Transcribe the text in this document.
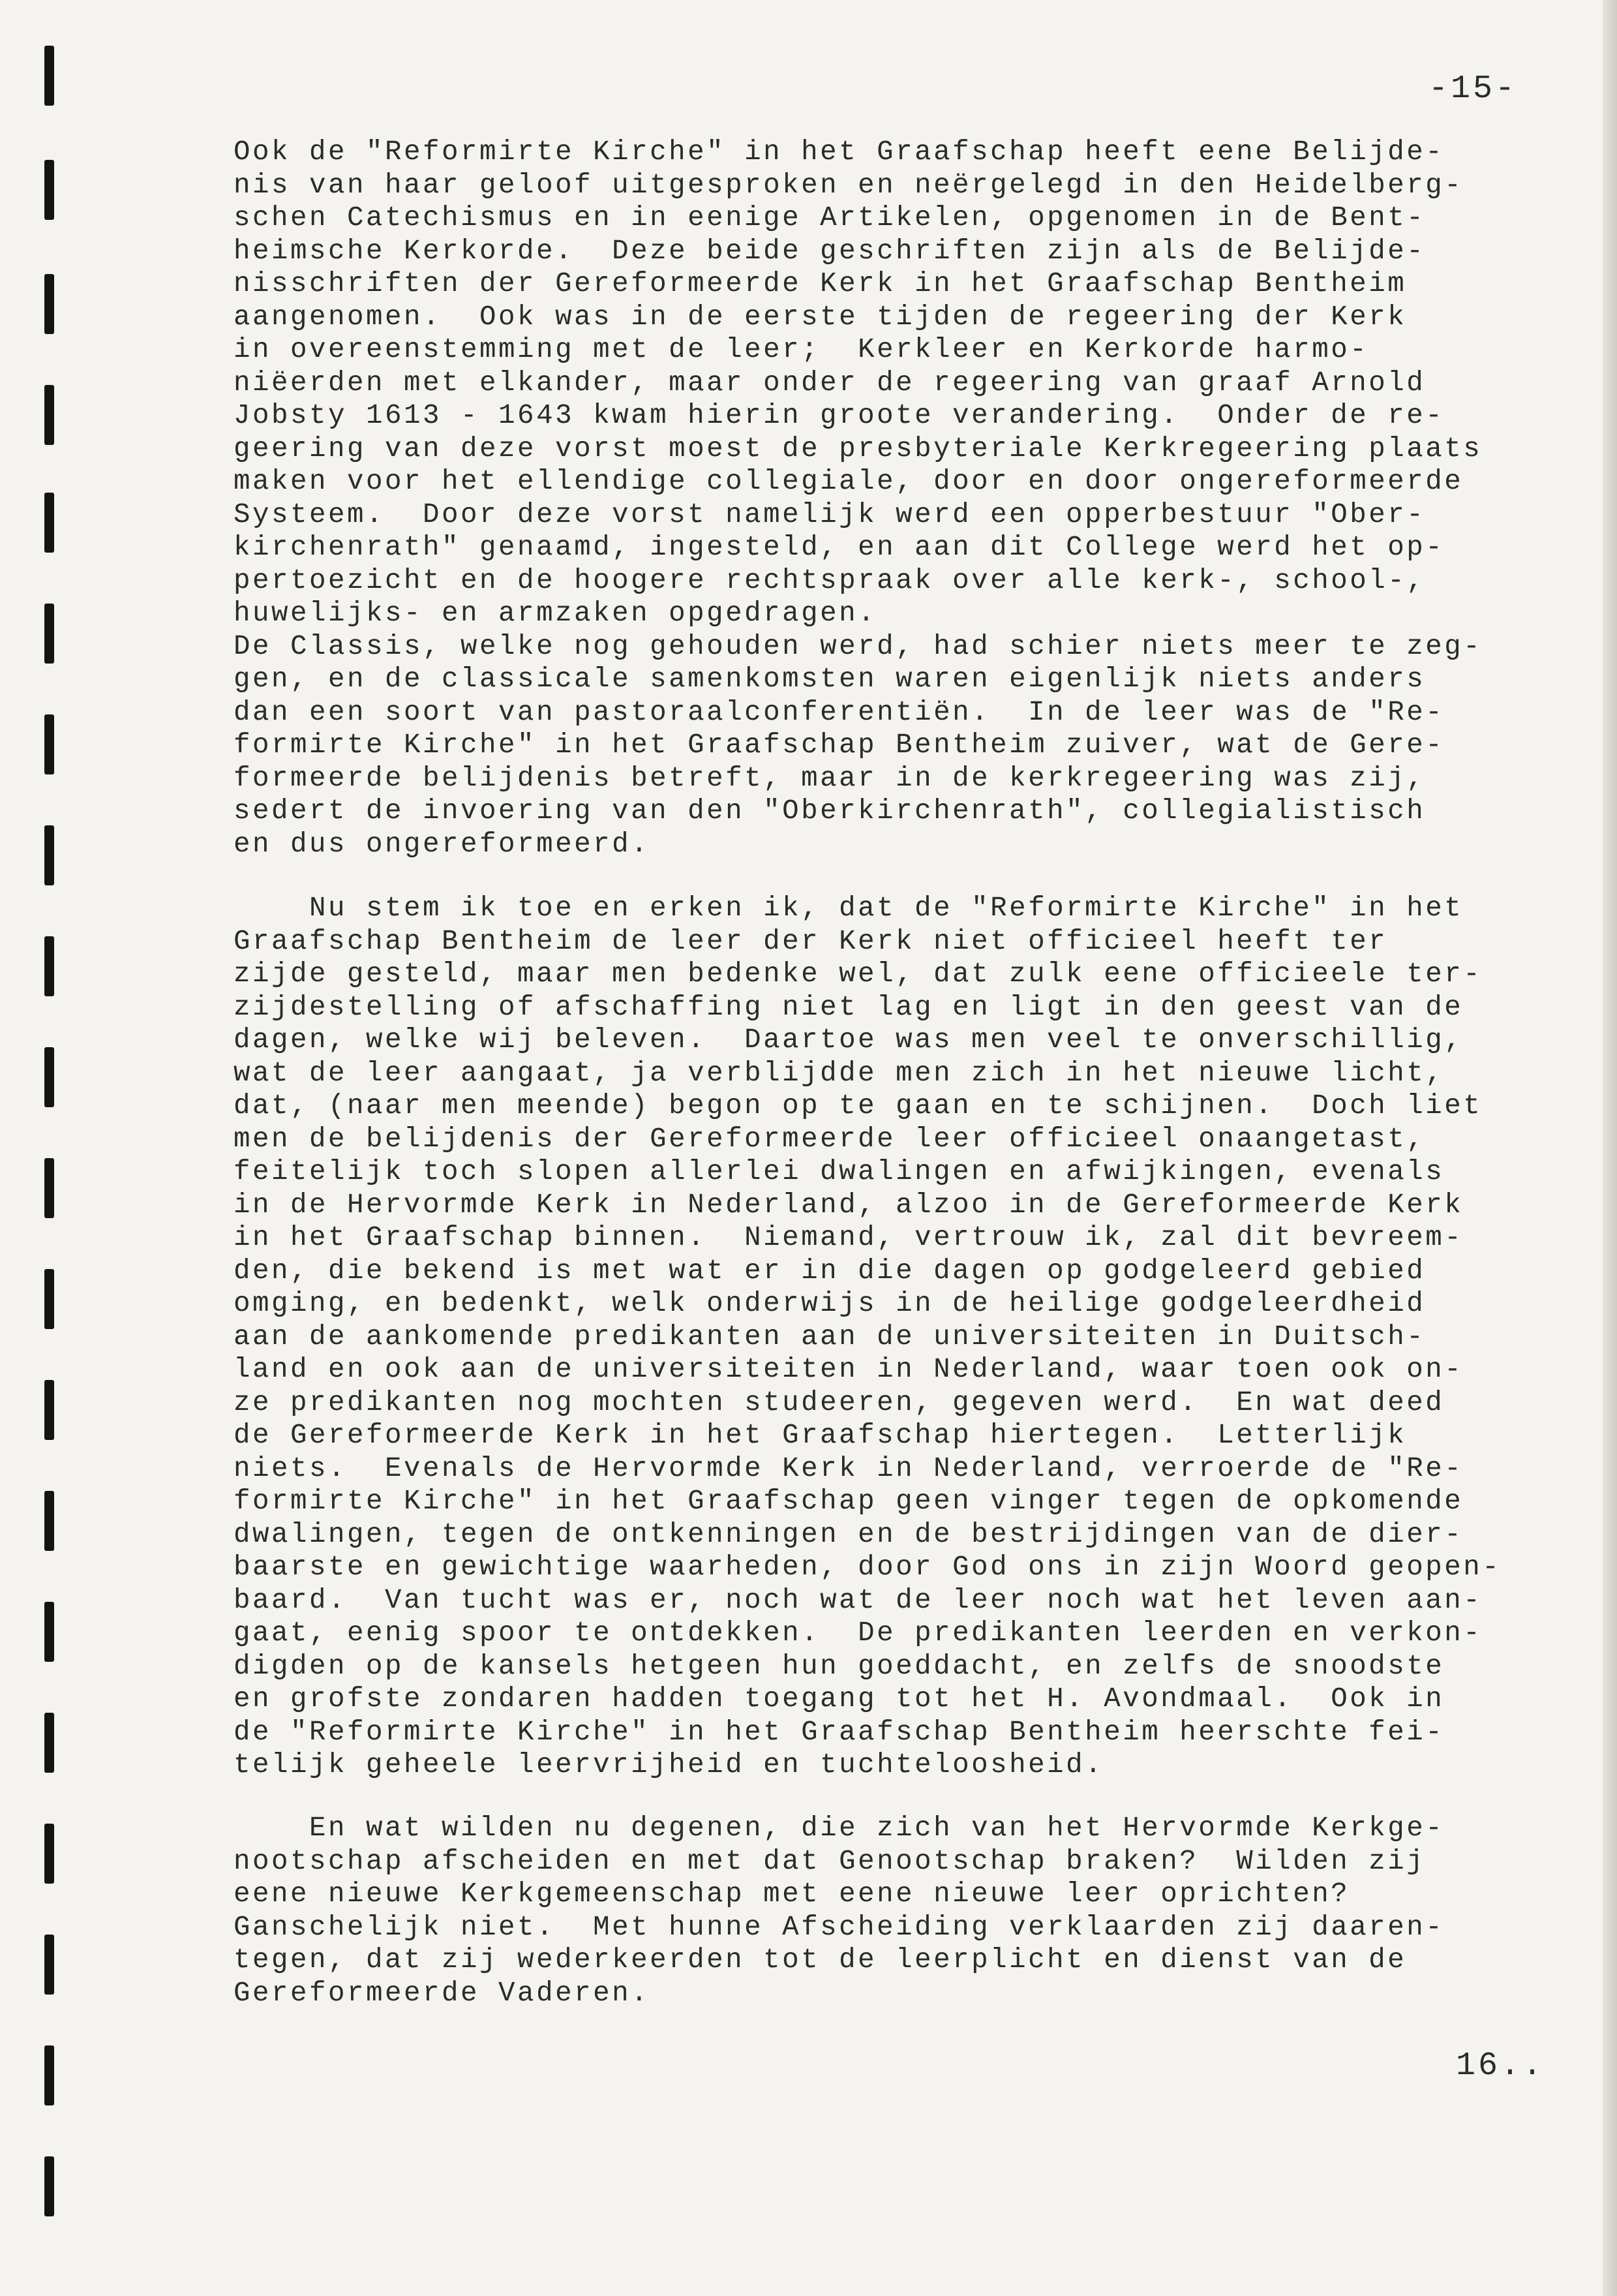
-15-
Ook de "Reformirte Kirche" in het Graafschap heeft eene Belijde-
nis van haar geloof uitgesproken en neërgelegd in den Heidelberg-
schen Catechismus en in eenige Artikelen, opgenomen in de Bent-
heimsche Kerkorde.  Deze beide geschriften zijn als de Belijde-
nisschriften der Gereformeerde Kerk in het Graafschap Bentheim
aangenomen.  Ook was in de eerste tijden de regeering der Kerk
in overeenstemming met de leer;  Kerkleer en Kerkorde harmo-
niëerden met elkander, maar onder de regeering van graaf Arnold
Jobsty 1613 - 1643 kwam hierin groote verandering.  Onder de re-
geering van deze vorst moest de presbyteriale Kerkregeering plaats
maken voor het ellendige collegiale, door en door ongereformeerde
Systeem.  Door deze vorst namelijk werd een opperbestuur "Ober-
kirchenrath" genaamd, ingesteld, en aan dit College werd het op-
pertoezicht en de hoogere rechtspraak over alle kerk-, school-,
huwelijks- en armzaken opgedragen.
De Classis, welke nog gehouden werd, had schier niets meer te zeg-
gen, en de classicale samenkomsten waren eigenlijk niets anders
dan een soort van pastoraalconferentiën.  In de leer was de "Re-
formirte Kirche" in het Graafschap Bentheim zuiver, wat de Gere-
formeerde belijdenis betreft, maar in de kerkregeering was zij,
sedert de invoering van den "Oberkirchenrath", collegialistisch
en dus ongereformeerd.
Nu stem ik toe en erken ik, dat de "Reformirte Kirche" in het
Graafschap Bentheim de leer der Kerk niet officieel heeft ter
zijde gesteld, maar men bedenke wel, dat zulk eene officieele ter-
zijdestelling of afschaffing niet lag en ligt in den geest van de
dagen, welke wij beleven.  Daartoe was men veel te onverschillig,
wat de leer aangaat, ja verblijdde men zich in het nieuwe licht,
dat, (naar men meende) begon op te gaan en te schijnen.  Doch liet
men de belijdenis der Gereformeerde leer officieel onaangetast,
feitelijk toch slopen allerlei dwalingen en afwijkingen, evenals
in de Hervormde Kerk in Nederland, alzoo in de Gereformeerde Kerk
in het Graafschap binnen.  Niemand, vertrouw ik, zal dit bevreem-
den, die bekend is met wat er in die dagen op godgeleerd gebied
omging, en bedenkt, welk onderwijs in de heilige godgeleerdheid
aan de aankomende predikanten aan de universiteiten in Duitsch-
land en ook aan de universiteiten in Nederland, waar toen ook on-
ze predikanten nog mochten studeeren, gegeven werd.  En wat deed
de Gereformeerde Kerk in het Graafschap hiertegen.  Letterlijk
niets.  Evenals de Hervormde Kerk in Nederland, verroerde de "Re-
formirte Kirche" in het Graafschap geen vinger tegen de opkomende
dwalingen, tegen de ontkenningen en de bestrijdingen van de dier-
baarste en gewichtige waarheden, door God ons in zijn Woord geopen-
baard.  Van tucht was er, noch wat de leer noch wat het leven aan-
gaat, eenig spoor te ontdekken.  De predikanten leerden en verkon-
digden op de kansels hetgeen hun goeddacht, en zelfs de snoodste
en grofste zondaren hadden toegang tot het H. Avondmaal.  Ook in
de "Reformirte Kirche" in het Graafschap Bentheim heerschte fei-
telijk geheele leervrijheid en tuchteloosheid.
En wat wilden nu degenen, die zich van het Hervormde Kerkge-
nootschap afscheiden en met dat Genootschap braken?  Wilden zij
eene nieuwe Kerkgemeenschap met eene nieuwe leer oprichten?
Ganschelijk niet.  Met hunne Afscheiding verklaarden zij daaren-
tegen, dat zij wederkeerden tot de leerplicht en dienst van de
Gereformeerde Vaderen.
16..
